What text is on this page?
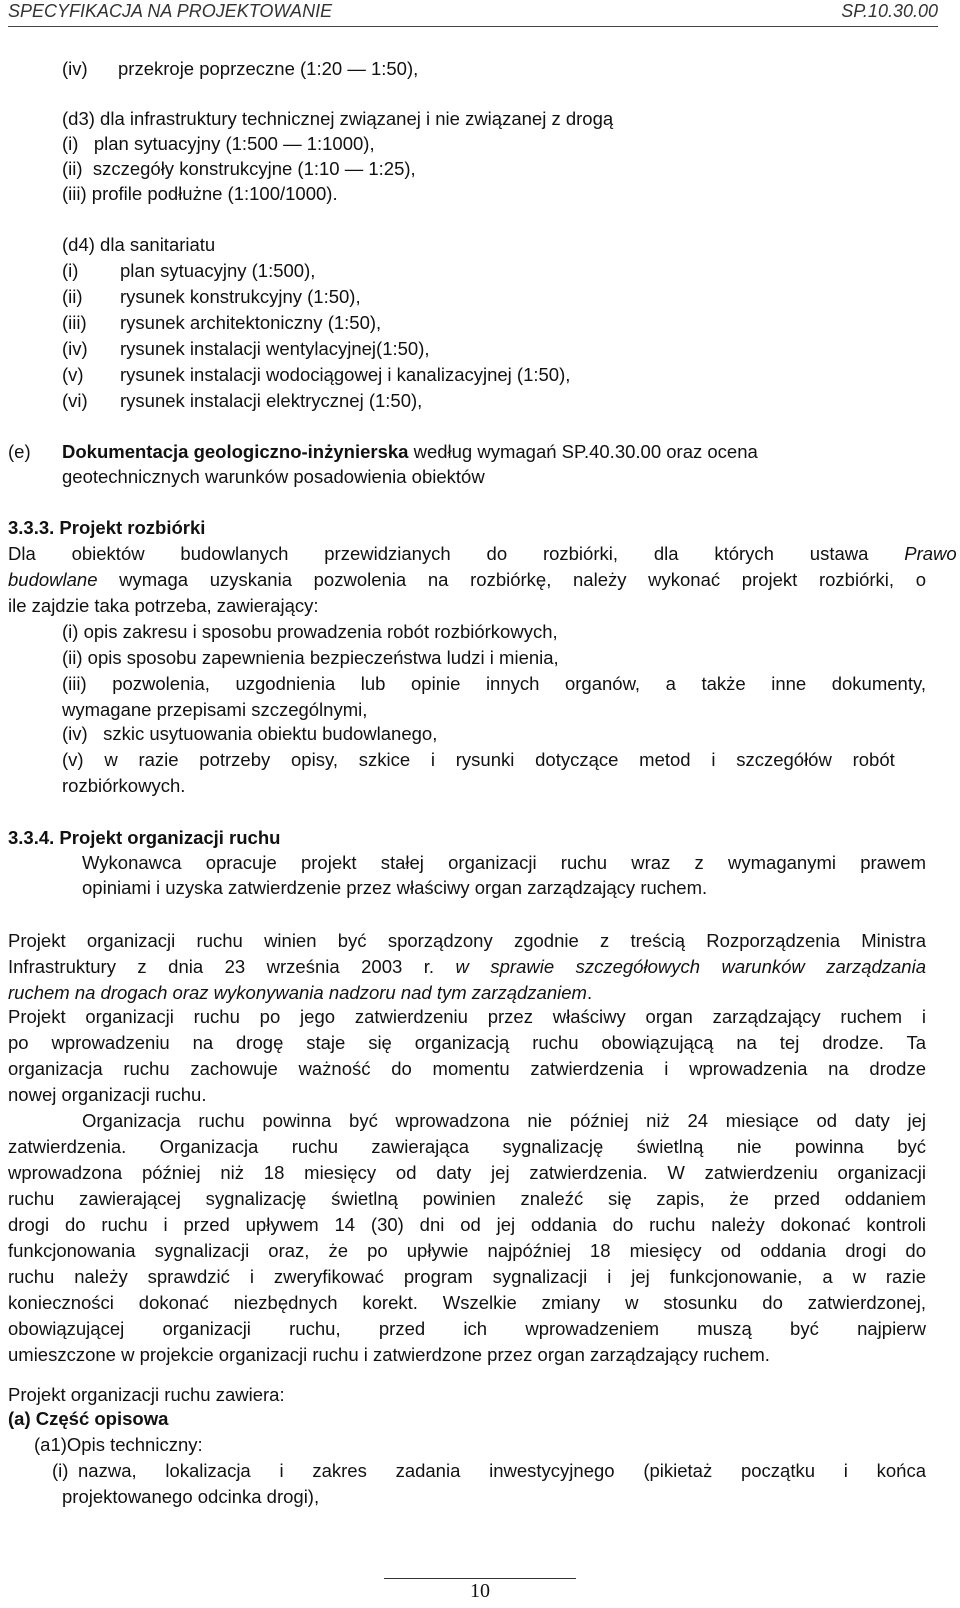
SPECYFIKACJA NA PROJEKTOWANIE	SP.10.30.00
(iv) przekroje poprzeczne (1:20 — 1:50),
(d3) dla infrastruktury technicznej związanej i nie związanej z drogą
(i)   plan sytuacyjny (1:500 — 1:1000),
(ii)  szczegóły konstrukcyjne (1:10 — 1:25),
(iii) profile podłużne (1:100/1000).
(d4) dla sanitariatu
(i) plan sytuacyjny (1:500),
(ii) rysunek konstrukcyjny (1:50),
(iii) rysunek architektoniczny (1:50),
(iv) rysunek instalacji wentylacyjnej(1:50),
(v) rysunek instalacji wodociągowej i kanalizacyjnej (1:50),
(vi) rysunek instalacji elektrycznej (1:50),
(e) Dokumentacja geologiczno-inżynierska według wymagań SP.40.30.00 oraz ocena
geotechnicznych warunków posadowienia obiektów
3.3.3. Projekt rozbiórki
Dla obiektów budowlanych przewidzianych do rozbiórki, dla których ustawa Prawo
budowlane wymaga uzyskania pozwolenia na rozbiórkę, należy wykonać projekt rozbiórki, o
ile zajdzie taka potrzeba, zawierający:
(i) opis zakresu i sposobu prowadzenia robót rozbiórkowych,
(ii) opis sposobu zapewnienia bezpieczeństwa ludzi i mienia,
(iii) pozwolenia, uzgodnienia lub opinie innych organów, a także inne dokumenty,
wymagane przepisami szczególnymi,
(iv)   szkic usytuowania obiektu budowlanego,
(v) w razie potrzeby opisy, szkice i rysunki dotyczące metod i szczegółów robót
rozbiórkowych.
3.3.4. Projekt organizacji ruchu
Wykonawca opracuje projekt stałej organizacji ruchu wraz z wymaganymi prawem
opiniami i uzyska zatwierdzenie przez właściwy organ zarządzający ruchem.
Projekt organizacji ruchu winien być sporządzony zgodnie z treścią Rozporządzenia Ministra
Infrastruktury z dnia 23 września 2003 r. w sprawie szczegółowych warunków zarządzania
ruchem na drogach oraz wykonywania nadzoru nad tym zarządzaniem.
Projekt organizacji ruchu po jego zatwierdzeniu przez właściwy organ zarządzający ruchem i
po wprowadzeniu na drogę staje się organizacją ruchu obowiązującą na tej drodze. Ta
organizacja ruchu zachowuje ważność do momentu zatwierdzenia i wprowadzenia na drodze
nowej organizacji ruchu.
Organizacja ruchu powinna być wprowadzona nie później niż 24 miesiące od daty jej
zatwierdzenia. Organizacja ruchu zawierająca sygnalizację świetlną nie powinna być
wprowadzona później niż 18 miesięcy od daty jej zatwierdzenia. W zatwierdzeniu organizacji
ruchu zawierającej sygnalizację świetlną powinien znaleźć się zapis, że przed oddaniem
drogi do ruchu i przed upływem 14 (30) dni od jej oddania do ruchu należy dokonać kontroli
funkcjonowania sygnalizacji oraz, że po upływie najpóźniej 18 miesięcy od oddania drogi do
ruchu należy sprawdzić i zweryfikować program sygnalizacji i jej funkcjonowanie, a w razie
konieczności dokonać niezbędnych korekt. Wszelkie zmiany w stosunku do zatwierdzonej,
obowiązującej organizacji ruchu, przed ich wprowadzeniem muszą być najpierw
umieszczone w projekcie organizacji ruchu i zatwierdzone przez organ zarządzający ruchem.
Projekt organizacji ruchu zawiera:
(a) Część opisowa
(a1)Opis techniczny:
(i) nazwa, lokalizacja i zakres zadania inwestycyjnego (pikietaż początku i końca
projektowanego odcinka drogi),
10
